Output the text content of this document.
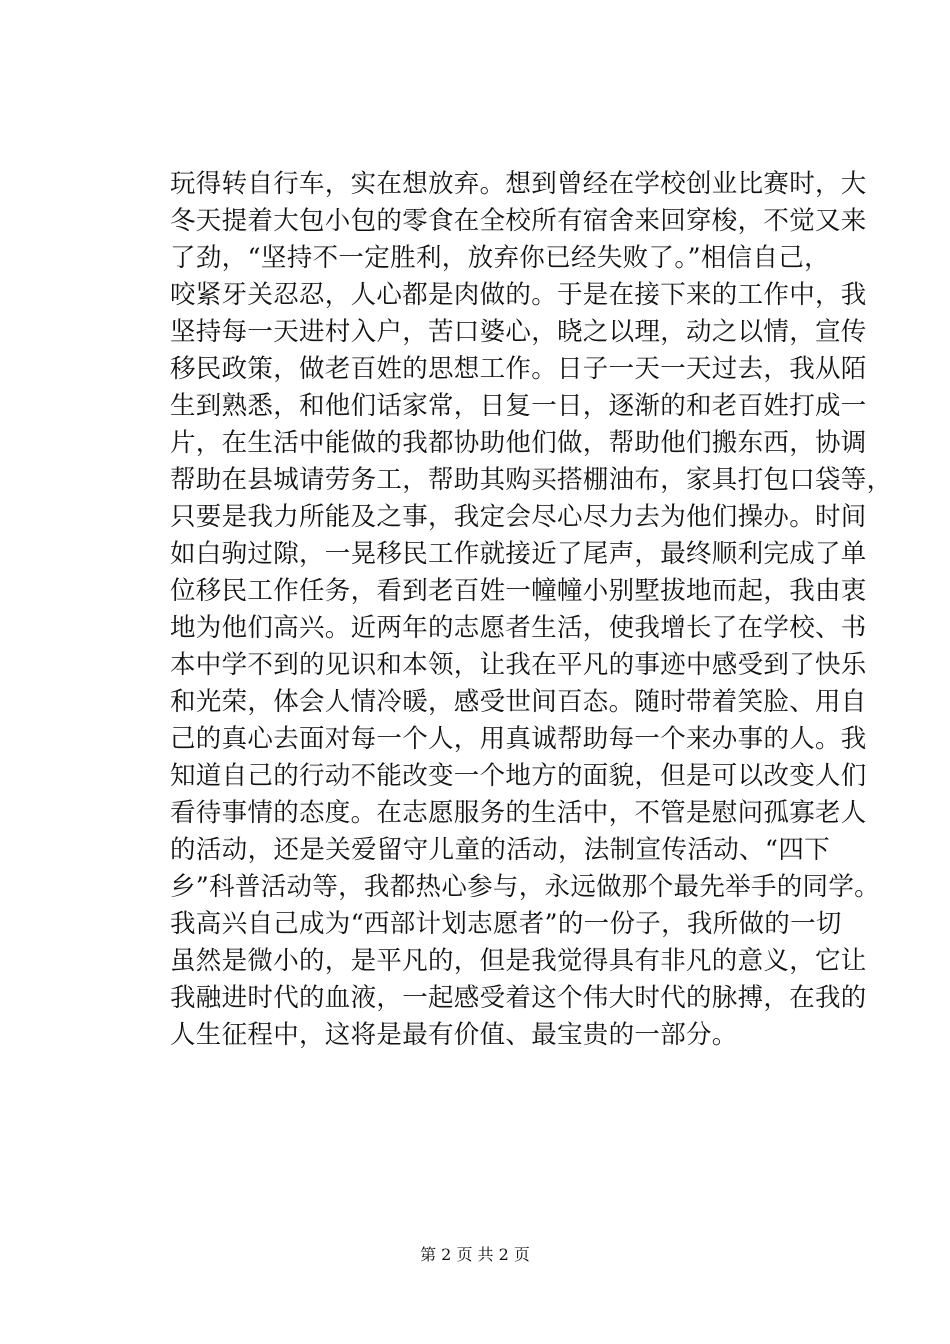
玩得转自行车，实在想放弃。想到曾经在学校创业比赛时，大
冬天提着大包小包的零食在全校所有宿舍来回穿梭，不觉又来
了劲，“坚持不一定胜利，放弃你已经失败了。”相信自己，
咬紧牙关忍忍，人心都是肉做的。于是在接下来的工作中，我
坚持每一天进村入户，苦口婆心，晓之以理，动之以情，宣传
移民政策，做老百姓的思想工作。日子一天一天过去，我从陌
生到熟悉，和他们话家常，日复一日，逐渐的和老百姓打成一
片，在生活中能做的我都协助他们做，帮助他们搬东西，协调
帮助在县城请劳务工，帮助其购买搭棚油布，家具打包口袋等，
只要是我力所能及之事，我定会尽心尽力去为他们操办。时间
如白驹过隙，一晃移民工作就接近了尾声，最终顺利完成了单
位移民工作任务，看到老百姓一幢幢小别墅拔地而起，我由衷
地为他们高兴。近两年的志愿者生活，使我增长了在学校、书
本中学不到的见识和本领，让我在平凡的事迹中感受到了快乐
和光荣，体会人情冷暖，感受世间百态。随时带着笑脸、用自
己的真心去面对每一个人，用真诚帮助每一个来办事的人。我
知道自己的行动不能改变一个地方的面貌，但是可以改变人们
看待事情的态度。在志愿服务的生活中，不管是慰问孤寡老人
的活动，还是关爱留守儿童的活动，法制宣传活动、“四下
乡”科普活动等，我都热心参与，永远做那个最先举手的同学。
我高兴自己成为“西部计划志愿者”的一份子，我所做的一切
虽然是微小的，是平凡的，但是我觉得具有非凡的意义，它让
我融进时代的血液，一起感受着这个伟大时代的脉搏，在我的
人生征程中，这将是最有价值、最宝贵的一部分。
第 2 页 共 2 页
